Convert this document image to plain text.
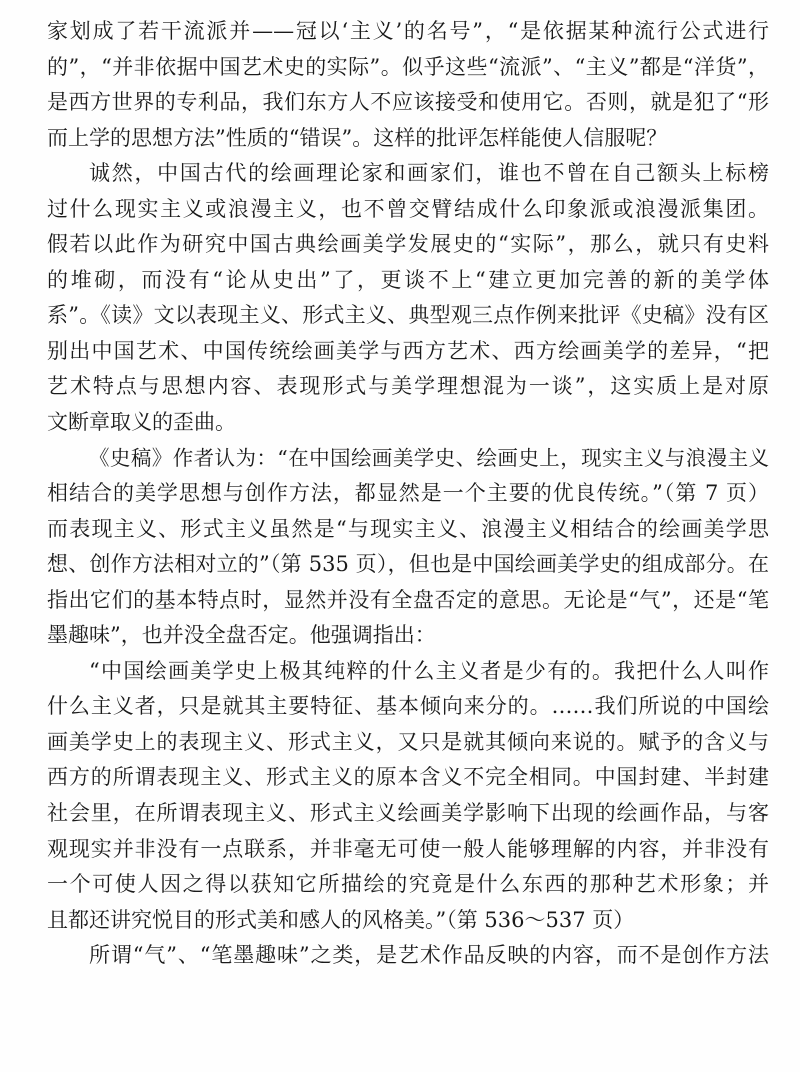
家划成了若干流派并——冠以‘主义’的名号”，“是依据某种流行公式进行
的”，“并非依据中国艺术史的实际”。似乎这些“流派”、“主义”都是“洋货”，
是西方世界的专利品，我们东方人不应该接受和使用它。否则，就是犯了“形
而上学的思想方法”性质的“错误”。这样的批评怎样能使人信服呢？
诚然，中国古代的绘画理论家和画家们，谁也不曾在自己额头上标榜
过什么现实主义或浪漫主义，也不曾交臂结成什么印象派或浪漫派集团。
假若以此作为研究中国古典绘画美学发展史的“实际”，那么，就只有史料
的堆砌，而没有“论从史出”了，更谈不上“建立更加完善的新的美学体
系”。《读》文以表现主义、形式主义、典型观三点作例来批评《史稿》没有区
别出中国艺术、中国传统绘画美学与西方艺术、西方绘画美学的差异，“把
艺术特点与思想内容、表现形式与美学理想混为一谈”，这实质上是对原
文断章取义的歪曲。
《史稿》作者认为：“在中国绘画美学史、绘画史上，现实主义与浪漫主义
相结合的美学思想与创作方法，都显然是一个主要的优良传统。”（第 7 页）
而表现主义、形式主义虽然是“与现实主义、浪漫主义相结合的绘画美学思
想、创作方法相对立的”（第 535 页），但也是中国绘画美学史的组成部分。在
指出它们的基本特点时，显然并没有全盘否定的意思。无论是“气”，还是“笔
墨趣味”，也并没全盘否定。他强调指出：
“中国绘画美学史上极其纯粹的什么主义者是少有的。我把什么人叫作
什么主义者，只是就其主要特征、基本倾向来分的。……我们所说的中国绘
画美学史上的表现主义、形式主义，又只是就其倾向来说的。赋予的含义与
西方的所谓表现主义、形式主义的原本含义不完全相同。中国封建、半封建
社会里，在所谓表现主义、形式主义绘画美学影响下出现的绘画作品，与客
观现实并非没有一点联系，并非毫无可使一般人能够理解的内容，并非没有
一个可使人因之得以获知它所描绘的究竟是什么东西的那种艺术形象；并
且都还讲究悦目的形式美和感人的风格美。”（第 536～537 页）
所谓“气”、“笔墨趣味”之类，是艺术作品反映的内容，而不是创作方法
